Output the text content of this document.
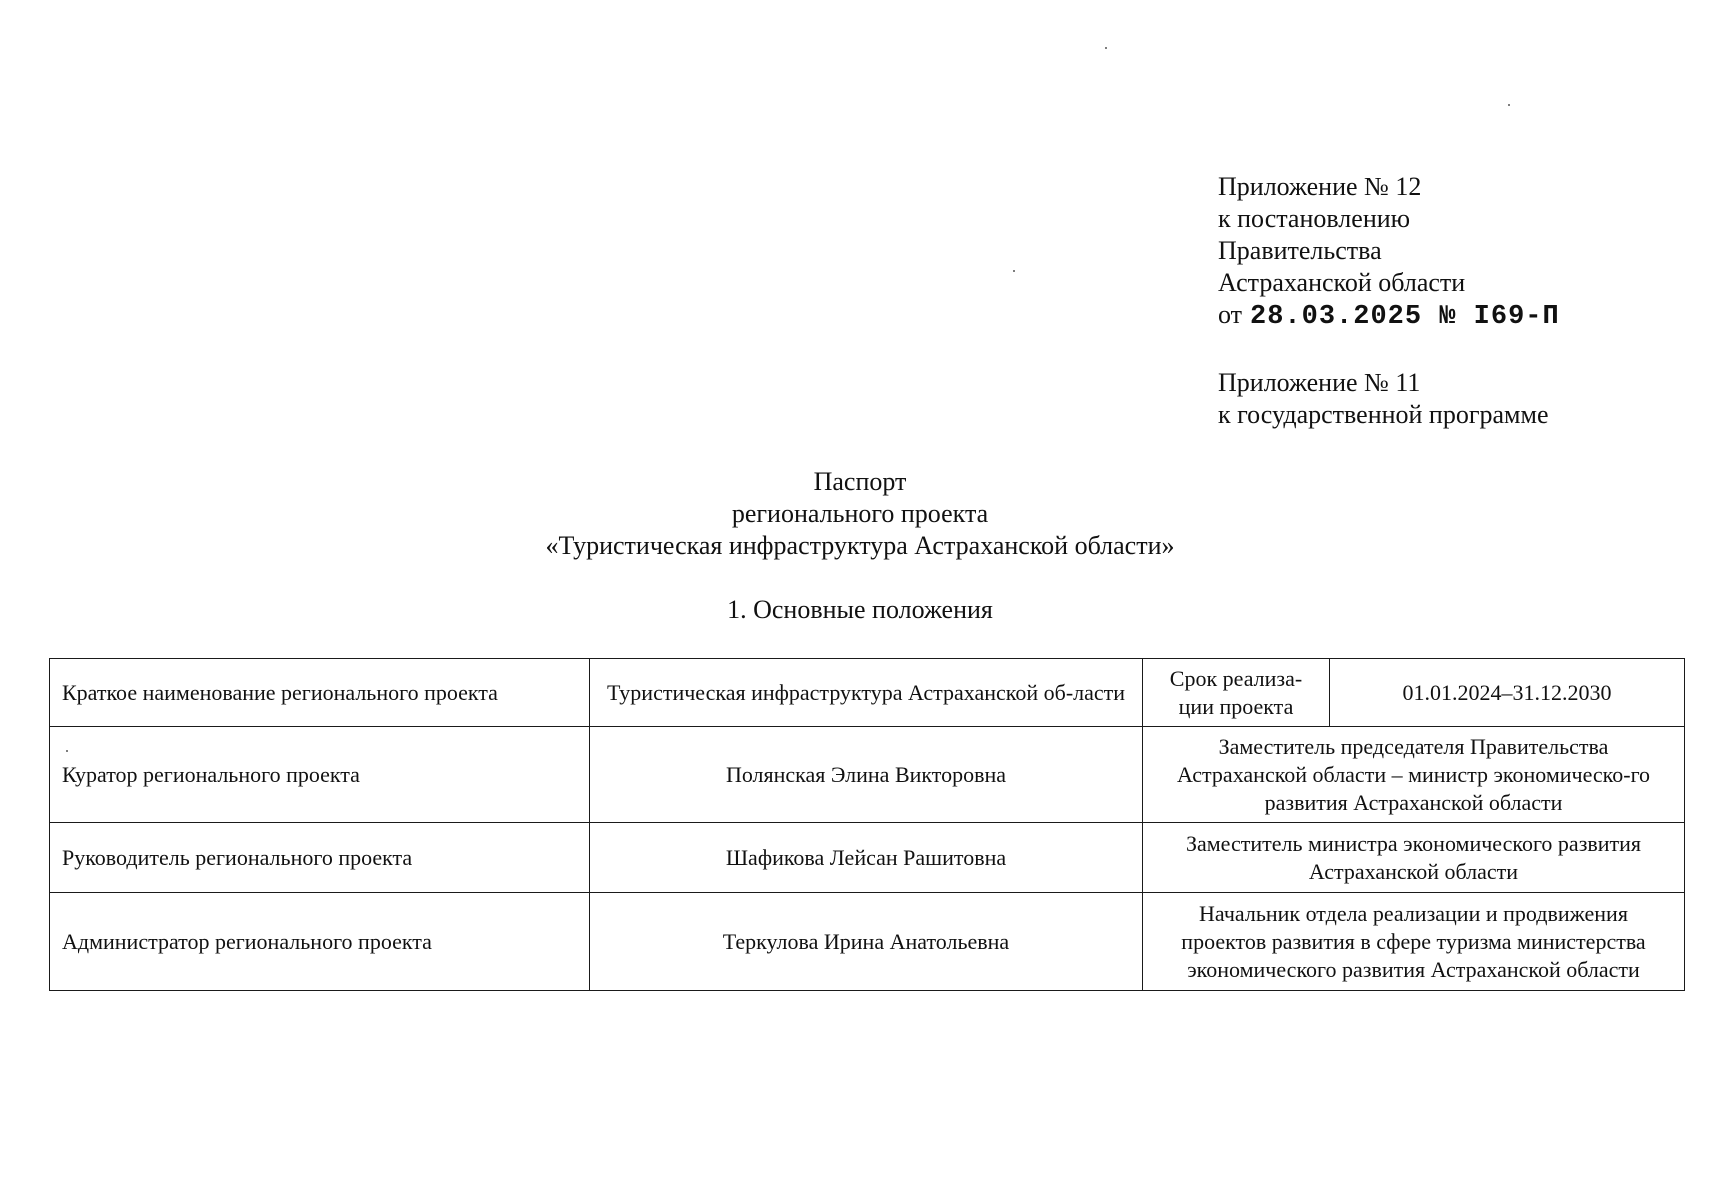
Приложение № 12
к постановлению
Правительства
Астраханской области
от 28.03.2025 № I69-П
Приложение № 11
к государственной программе
Паспорт
регионального проекта
«Туристическая инфраструктура Астраханской области»
1. Основные положения
Краткое наименование регионального проекта	Туристическая инфраструктура Астраханской об-ласти	Срок реализа-ции проекта	01.01.2024–31.12.2030
Куратор регионального проекта	Полянская Элина Викторовна	Заместитель председателя Правительства Астраханской области – министр экономическо-го развития Астраханской области	
Руководитель регионального проекта	Шафикова Лейсан Рашитовна	Заместитель министра экономического развития Астраханской области	
Администратор регионального проекта	Теркулова Ирина Анатольевна	Начальник отдела реализации и продвижения проектов развития в сфере туризма министерства экономического развития Астраханской области	
